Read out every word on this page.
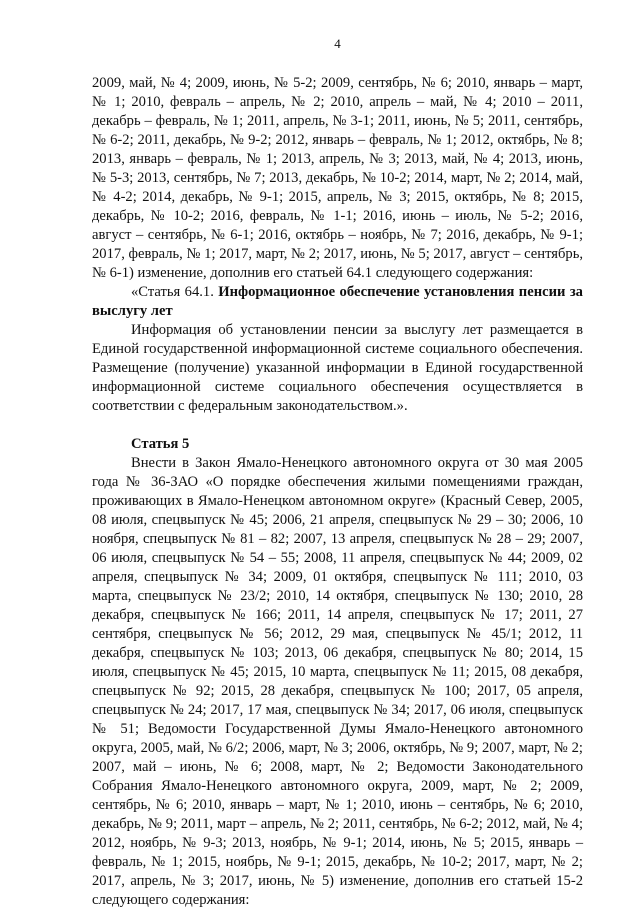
4

2009, май, № 4; 2009, июнь, № 5-2; 2009, сентябрь, № 6; 2010, январь – март, № 1; 2010, февраль – апрель, № 2; 2010, апрель – май, № 4; 2010 – 2011, декабрь – февраль, № 1; 2011, апрель, № 3-1; 2011, июнь, № 5; 2011, сентябрь, № 6-2; 2011, декабрь, № 9-2; 2012, январь – февраль, № 1; 2012, октябрь, № 8; 2013, январь – февраль, № 1; 2013, апрель, № 3; 2013, май, № 4; 2013, июнь, № 5-3; 2013, сентябрь, № 7; 2013, декабрь, № 10-2; 2014, март, № 2; 2014, май, № 4-2; 2014, декабрь, № 9-1; 2015, апрель, № 3; 2015, октябрь, № 8; 2015, декабрь, № 10-2; 2016, февраль, № 1-1; 2016, июнь – июль, № 5-2; 2016, август – сентябрь, № 6-1; 2016, октябрь – ноябрь, № 7; 2016, декабрь, № 9-1; 2017, февраль, № 1; 2017, март, № 2; 2017, июнь, № 5; 2017, август – сентябрь, № 6-1) изменение, дополнив его статьей 64.1 следующего содержания:

«Статья 64.1. Информационное обеспечение установления пенсии за выслугу лет

Информация об установлении пенсии за выслугу лет размещается в Единой государственной информационной системе социального обеспечения. Размещение (получение) указанной информации в Единой государственной информационной системе социального обеспечения осуществляется в соответствии с федеральным законодательством.».

Статья 5

Внести в Закон Ямало-Ненецкого автономного округа от 30 мая 2005 года № 36-ЗАО «О порядке обеспечения жилыми помещениями граждан, проживающих в Ямало-Ненецком автономном округе» (Красный Север, 2005, 08 июля, спецвыпуск № 45; 2006, 21 апреля, спецвыпуск № 29 – 30; 2006, 10 ноября, спецвыпуск № 81 – 82; 2007, 13 апреля, спецвыпуск № 28 – 29; 2007, 06 июля, спецвыпуск № 54 – 55; 2008, 11 апреля, спецвыпуск № 44; 2009, 02 апреля, спецвыпуск № 34; 2009, 01 октября, спецвыпуск № 111; 2010, 03 марта, спецвыпуск № 23/2; 2010, 14 октября, спецвыпуск № 130; 2010, 28 декабря, спецвыпуск № 166; 2011, 14 апреля, спецвыпуск № 17; 2011, 27 сентября, спецвыпуск № 56; 2012, 29 мая, спецвыпуск № 45/1; 2012, 11 декабря, спецвыпуск № 103; 2013, 06 декабря, спецвыпуск № 80; 2014, 15 июля, спецвыпуск № 45; 2015, 10 марта, спецвыпуск № 11; 2015, 08 декабря, спецвыпуск № 92; 2015, 28 декабря, спецвыпуск № 100; 2017, 05 апреля, спецвыпуск № 24; 2017, 17 мая, спецвыпуск № 34; 2017, 06 июля, спецвыпуск № 51; Ведомости Государственной Думы Ямало-Ненецкого автономного округа, 2005, май, № 6/2; 2006, март, № 3; 2006, октябрь, № 9; 2007, март, № 2; 2007, май – июнь, № 6; 2008, март, № 2; Ведомости Законодательного Собрания Ямало-Ненецкого автономного округа, 2009, март, № 2; 2009, сентябрь, № 6; 2010, январь – март, № 1; 2010, июнь – сентябрь, № 6; 2010, декабрь, № 9; 2011, март – апрель, № 2; 2011, сентябрь, № 6-2; 2012, май, № 4; 2012, ноябрь, № 9-3; 2013, ноябрь, № 9-1; 2014, июнь, № 5; 2015, январь – февраль, № 1; 2015, ноябрь, № 9-1; 2015, декабрь, № 10-2; 2017, март, № 2; 2017, апрель, № 3; 2017, июнь, № 5) изменение, дополнив его статьей 15-2 следующего содержания:
